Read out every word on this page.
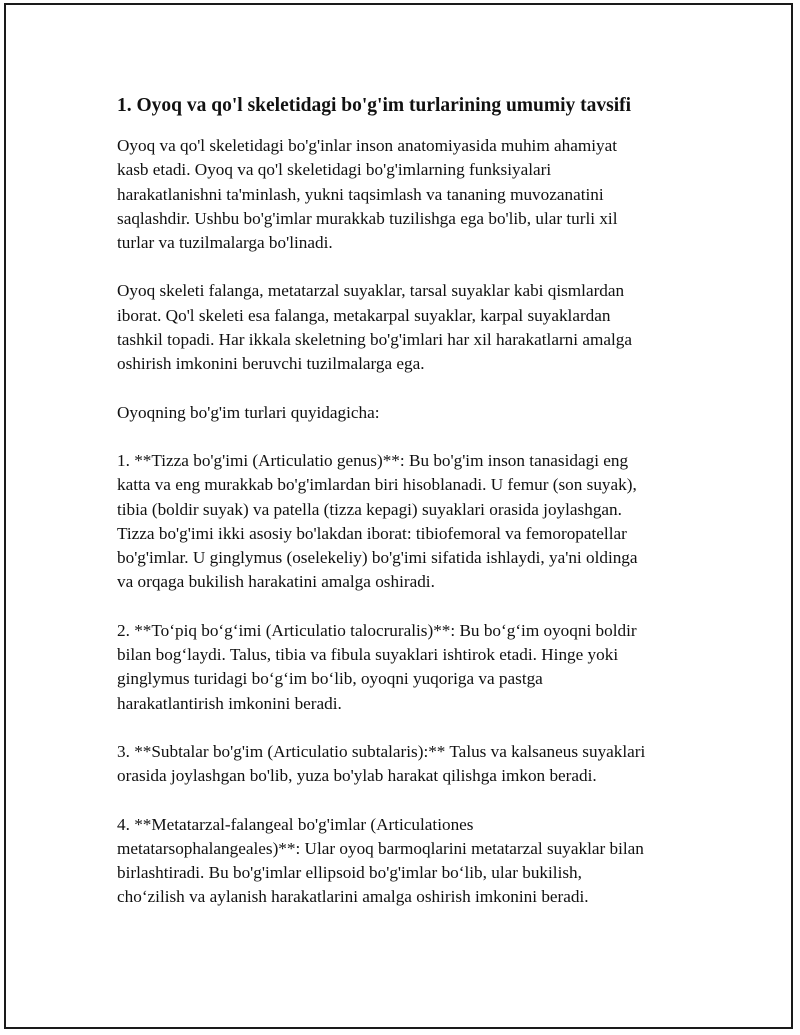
1. Oyoq va qo'l skeletidagi bo'g'im turlarining umumiy tavsifi

Oyoq va qo'l skeletidagi bo'g'inlar inson anatomiyasida muhim ahamiyat
kasb etadi. Oyoq va qo'l skeletidagi bo'g'imlarning funksiyalari
harakatlanishni ta'minlash, yukni taqsimlash va tananing muvozanatini
saqlashdir. Ushbu bo'g'imlar murakkab tuzilishga ega bo'lib, ular turli xil
turlar va tuzilmalarga bo'linadi.

Oyoq skeleti falanga, metatarzal suyaklar, tarsal suyaklar kabi qismlardan
iborat. Qo'l skeleti esa falanga, metakarpal suyaklar, karpal suyaklardan
tashkil topadi. Har ikkala skeletning bo'g'imlari har xil harakatlarni amalga
oshirish imkonini beruvchi tuzilmalarga ega.

Oyoqning bo'g'im turlari quyidagicha:

1. **Tizza bo'g'imi (Articulatio genus)**: Bu bo'g'im inson tanasidagi eng
katta va eng murakkab bo'g'imlardan biri hisoblanadi. U femur (son suyak),
tibia (boldir suyak) va patella (tizza kepagi) suyaklari orasida joylashgan.
Tizza bo'g'imi ikki asosiy bo'lakdan iborat: tibiofemoral va femoropatellar
bo'g'imlar. U ginglymus (oselekeliy) bo'g'imi sifatida ishlaydi, ya'ni oldinga
va orqaga bukilish harakatini amalga oshiradi.

2. **To‘piq bo‘g‘imi (Articulatio talocruralis)**: Bu bo‘g‘im oyoqni boldir
bilan bog‘laydi. Talus, tibia va fibula suyaklari ishtirok etadi. Hinge yoki
ginglymus turidagi bo‘g‘im bo‘lib, oyoqni yuqoriga va pastga
harakatlantirish imkonini beradi.

3. **Subtalar bo'g'im (Articulatio subtalaris):** Talus va kalsaneus suyaklari
orasida joylashgan bo'lib, yuza bo'ylab harakat qilishga imkon beradi.

4. **Metatarzal-falangeal bo'g'imlar (Articulationes
metatarsophalangeales)**: Ular oyoq barmoqlarini metatarzal suyaklar bilan
birlashtiradi. Bu bo'g'imlar ellipsoid bo'g'imlar bo‘lib, ular bukilish,
cho‘zilish va aylanish harakatlarini amalga oshirish imkonini beradi.
